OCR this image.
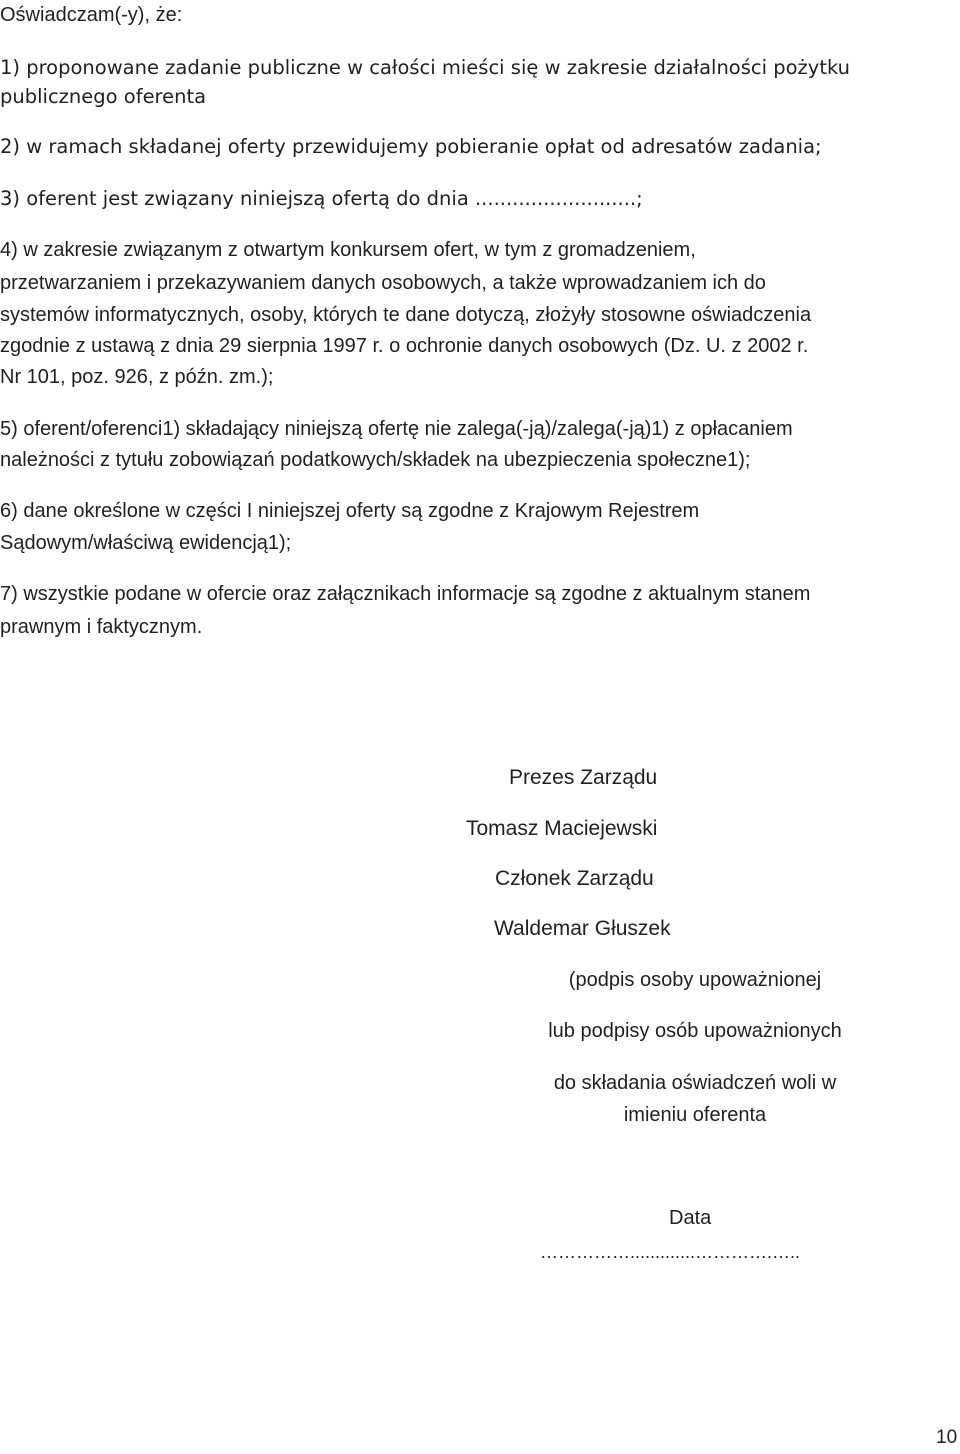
Oświadczam(-y), że:
1) proponowane zadanie publiczne w całości mieści się w zakresie działalności pożytku
publicznego oferenta
2) w ramach składanej oferty przewidujemy pobieranie opłat od adresatów zadania;
3) oferent jest związany niniejszą ofertą do dnia ..........................;
4) w zakresie związanym z otwartym konkursem ofert, w tym z gromadzeniem,
przetwarzaniem i przekazywaniem danych osobowych, a także wprowadzaniem ich do
systemów informatycznych, osoby, których te dane dotyczą, złożyły stosowne oświadczenia
zgodnie z ustawą z dnia 29 sierpnia 1997 r. o ochronie danych osobowych (Dz. U. z 2002 r.
Nr 101, poz. 926, z późn. zm.);
5) oferent/oferenci1) składający niniejszą ofertę nie zalega(-ją)/zalega(-ją)1) z opłacaniem
należności z tytułu zobowiązań podatkowych/składek na ubezpieczenia społeczne1);
6) dane określone w części I niniejszej oferty są zgodne z Krajowym Rejestrem
Sądowym/właściwą ewidencją1);
7) wszystkie podane w ofercie oraz załącznikach informacje są zgodne z aktualnym stanem
prawnym i faktycznym.
Prezes Zarządu
Tomasz Maciejewski
Członek Zarządu
Waldemar Głuszek
(podpis osoby upoważnionej
lub podpisy osób upoważnionych
do składania oświadczeń woli w
imieniu oferenta
Data
…………….............………….…..
10
